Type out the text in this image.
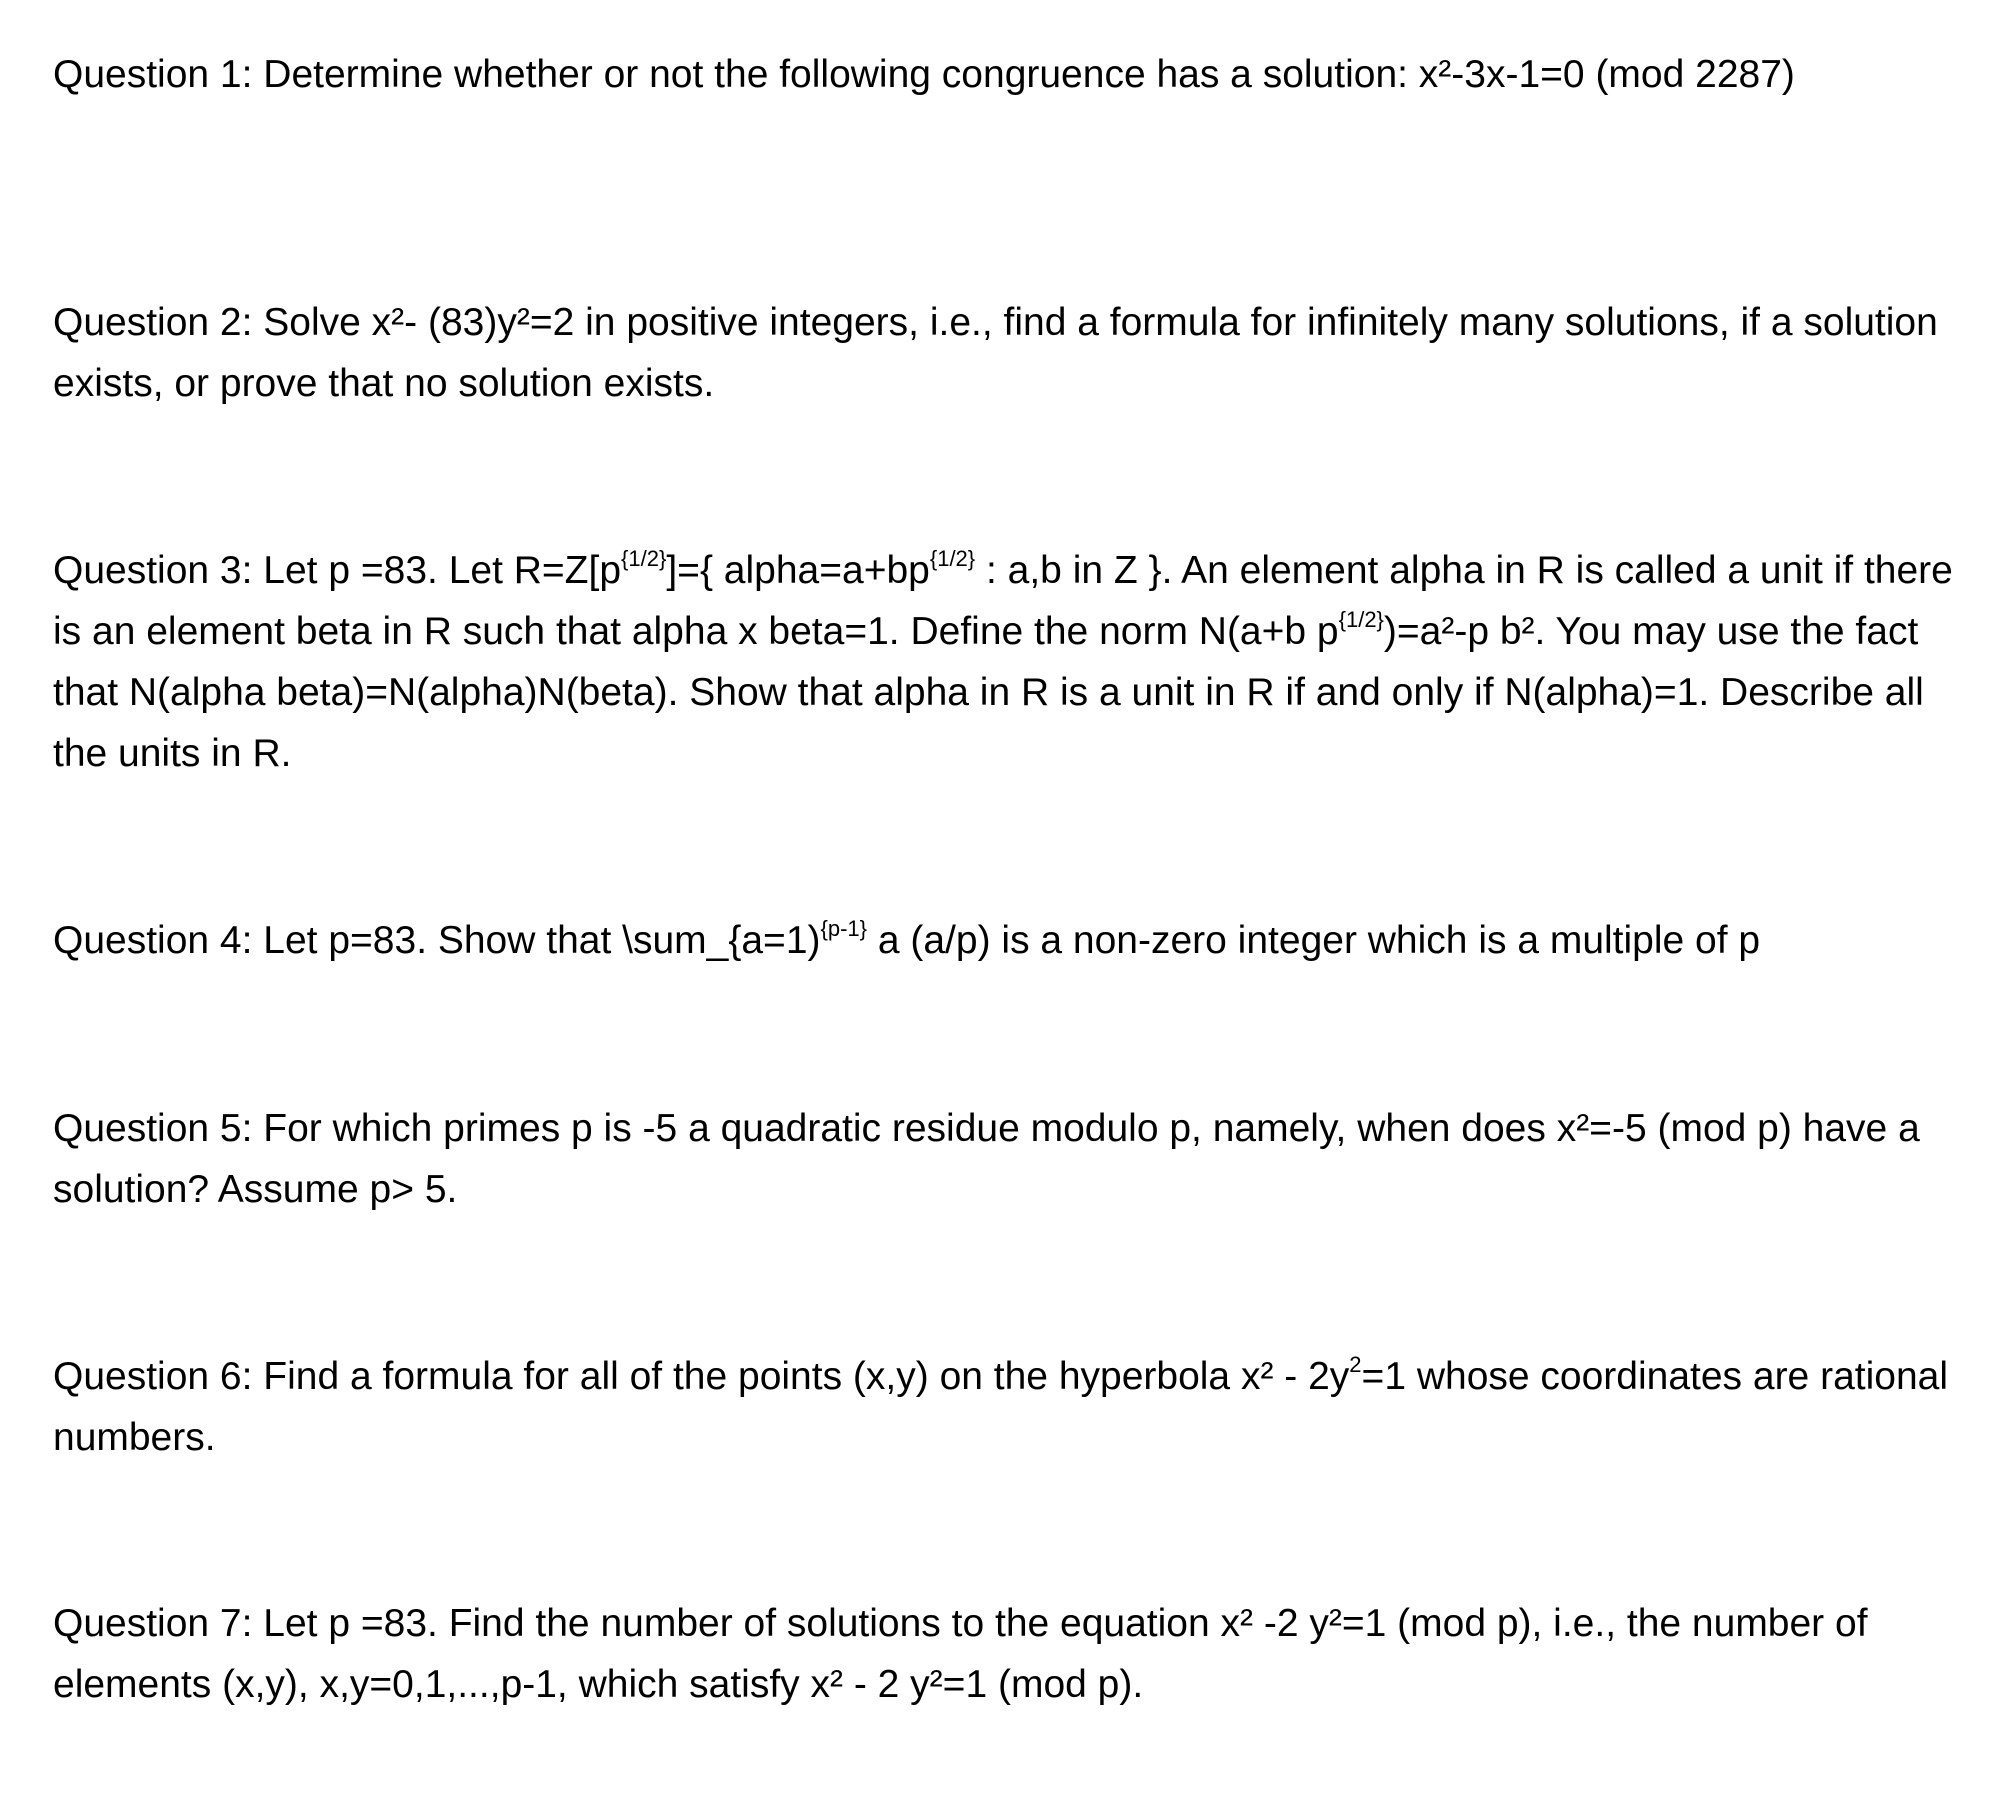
Question 1: Determine whether or not the following congruence has a solution: x²-3x-1=0 (mod 2287)

Question 2: Solve x²- (83)y²=2 in positive integers, i.e., find a formula for infinitely many solutions, if a solution exists, or prove that no solution exists.

Question 3: Let p =83. Let $R=Z[p^{\{1/2\}}]=${ $alpha=a+bp^{\{1/2\}}$ : a,b in Z }. An element alpha in R is called a unit if there is an element beta in R such that alpha x beta=1. Define the norm N(a+b $p^{\{1/2\}})=a^2-p$ b². You may use the fact that N(alpha beta)=N(alpha)N(beta). Show that alpha in R is a unit in R if and only if N(alpha)=1. Describe all the units in R.

Question 4: Let p=83. Show that \sum_{a=1)$^{\{p-1\}}$ a (a/p) is a non-zero integer which is a multiple of p

Question 5: For which primes p is -5 a quadratic residue modulo p, namely, when does x²=-5 (mod p) have a solution? Assume p> 5.

Question 6: Find a formula for all of the points (x,y) on the hyperbola $x^2 - 2y^2=1$ whose coordinates are rational numbers.

Question 7: Let p =83. Find the number of solutions to the equation x² -2 y²=1 (mod p), i.e., the number of elements (x,y), x,y=0,1,...,p-1, which satisfy x² - 2 y²=1 (mod p).
